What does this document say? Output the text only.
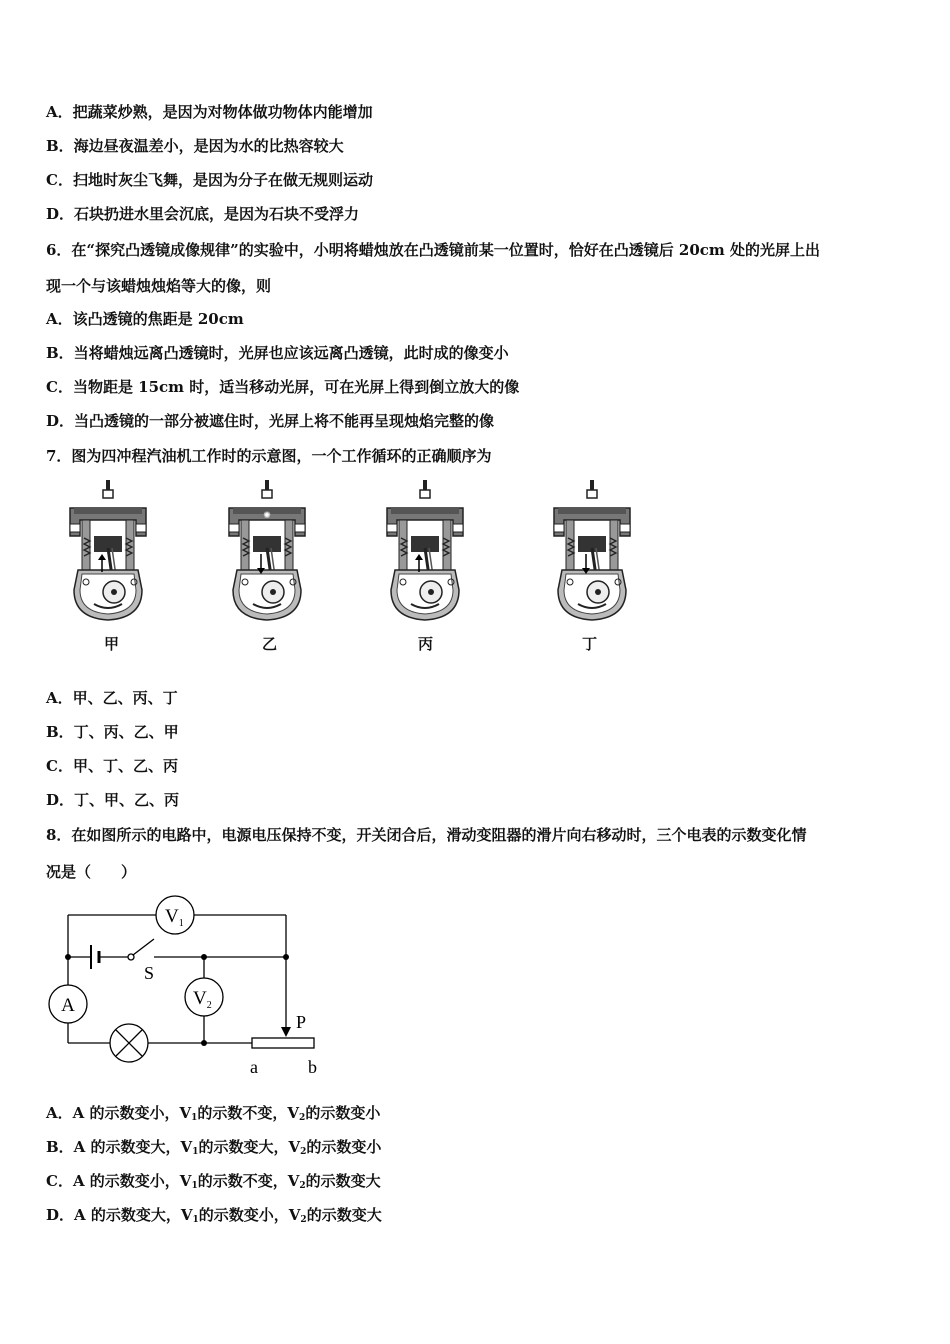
A．把蔬菜炒熟，是因为对物体做功物体内能增加
B．海边昼夜温差小，是因为水的比热容较大
C．扫地时灰尘飞舞，是因为分子在做无规则运动
D．石块扔进水里会沉底，是因为石块不受浮力
6．在“探究凸透镜成像规律”的实验中，小明将蜡烛放在凸透镜前某一位置时，恰好在凸透镜后 20cm 处的光屏上出
现一个与该蜡烛烛焰等大的像，则
A．该凸透镜的焦距是 20cm
B．当将蜡烛远离凸透镜时，光屏也应该远离凸透镜，此时成的像变小
C．当物距是 15cm 时，适当移动光屏，可在光屏上得到倒立放大的像
D．当凸透镜的一部分被遮住时，光屏上将不能再呈现烛焰完整的像
7．图为四冲程汽油机工作时的示意图，一个工作循环的正确顺序为
✺
甲	乙	丙	丁
A．甲、乙、丙、丁
B．丁、丙、乙、甲
C．甲、丁、乙、丙
D．丁、甲、乙、丙
8．在如图所示的电路中，电源电压保持不变，开关闭合后，滑动变阻器的滑片向右移动时，三个电表的示数变化情
况是（　　）
$V_1$
$V_2$
A
S
P
a	b
A．A 的示数变小，$V_1$的示数不变，$V_2$的示数变小
B．A 的示数变大，$V_1$的示数变大，$V_2$的示数变小
C．A 的示数变小，$V_1$的示数不变，$V_2$的示数变大
D．A 的示数变大，$V_1$的示数变小，$V_2$的示数变大
